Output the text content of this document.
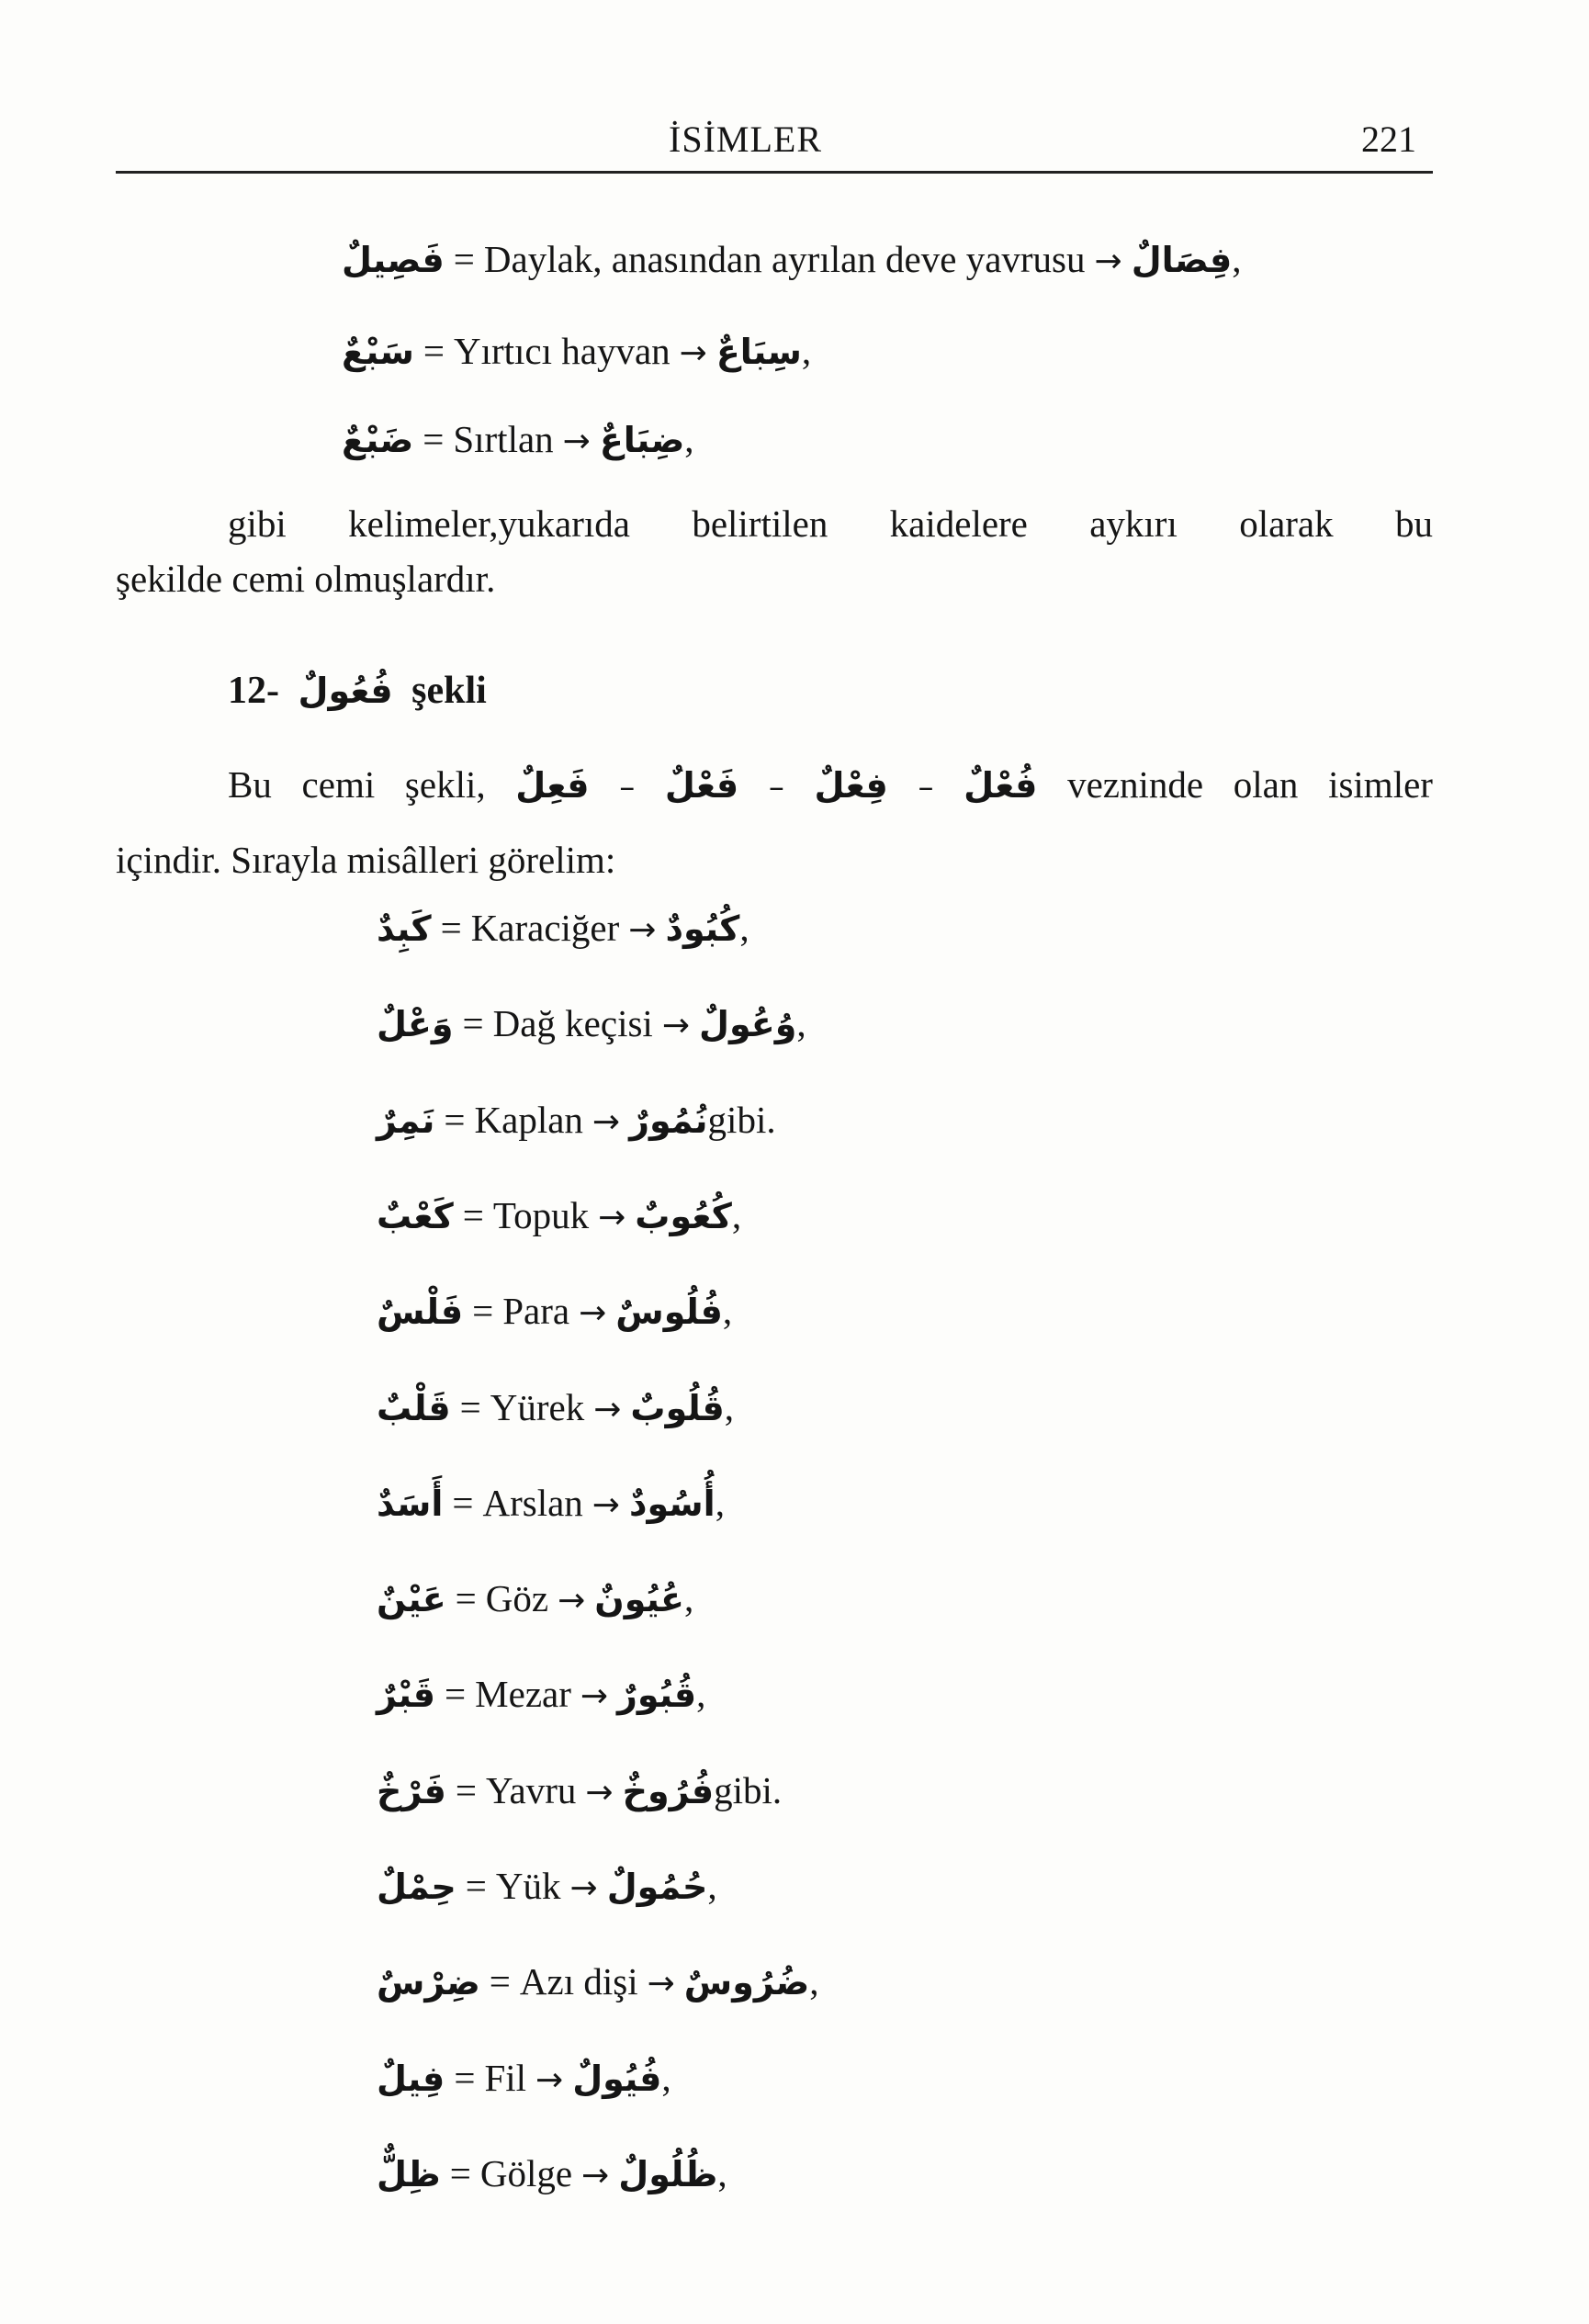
İSİMLER	221
فَصِيلٌ = Daylak, anasından ayrılan deve yavrusu → فِصَالٌ,
سَبْعٌ = Yırtıcı hayvan → سِبَاعٌ,
ضَبْعٌ = Sırtlan → ضِبَاعٌ,
gibi kelimeler,yukarıda belirtilen kaidelere aykırı olarak bu
şekilde cemi olmuşlardır.
12- فُعُولٌ şekli
Bu cemi şekli, فَعِلٌ – فَعْلٌ – فِعْلٌ – فُعْلٌ vezninde olan isimler
içindir. Sırayla misâlleri görelim:
كَبِدٌ = Karaciğer → كُبُودٌ,
وَعْلٌ = Dağ keçisi → وُعُولٌ,
نَمِرٌ = Kaplan → نُمُورٌgibi.
كَعْبٌ = Topuk → كُعُوبٌ,
فَلْسٌ = Para → فُلُوسٌ,
قَلْبٌ = Yürek → قُلُوبٌ,
أَسَدٌ = Arslan → أُسُودٌ,
عَيْنٌ = Göz → عُيُونٌ,
قَبْرٌ = Mezar → قُبُورٌ,
فَرْخٌ = Yavru → فُرُوخٌgibi.
حِمْلٌ = Yük → حُمُولٌ,
ضِرْسٌ = Azı dişi → ضُرُوسٌ,
فِيلٌ = Fil → فُيُولٌ,
ظِلٌّ = Gölge → ظُلُولٌ,
